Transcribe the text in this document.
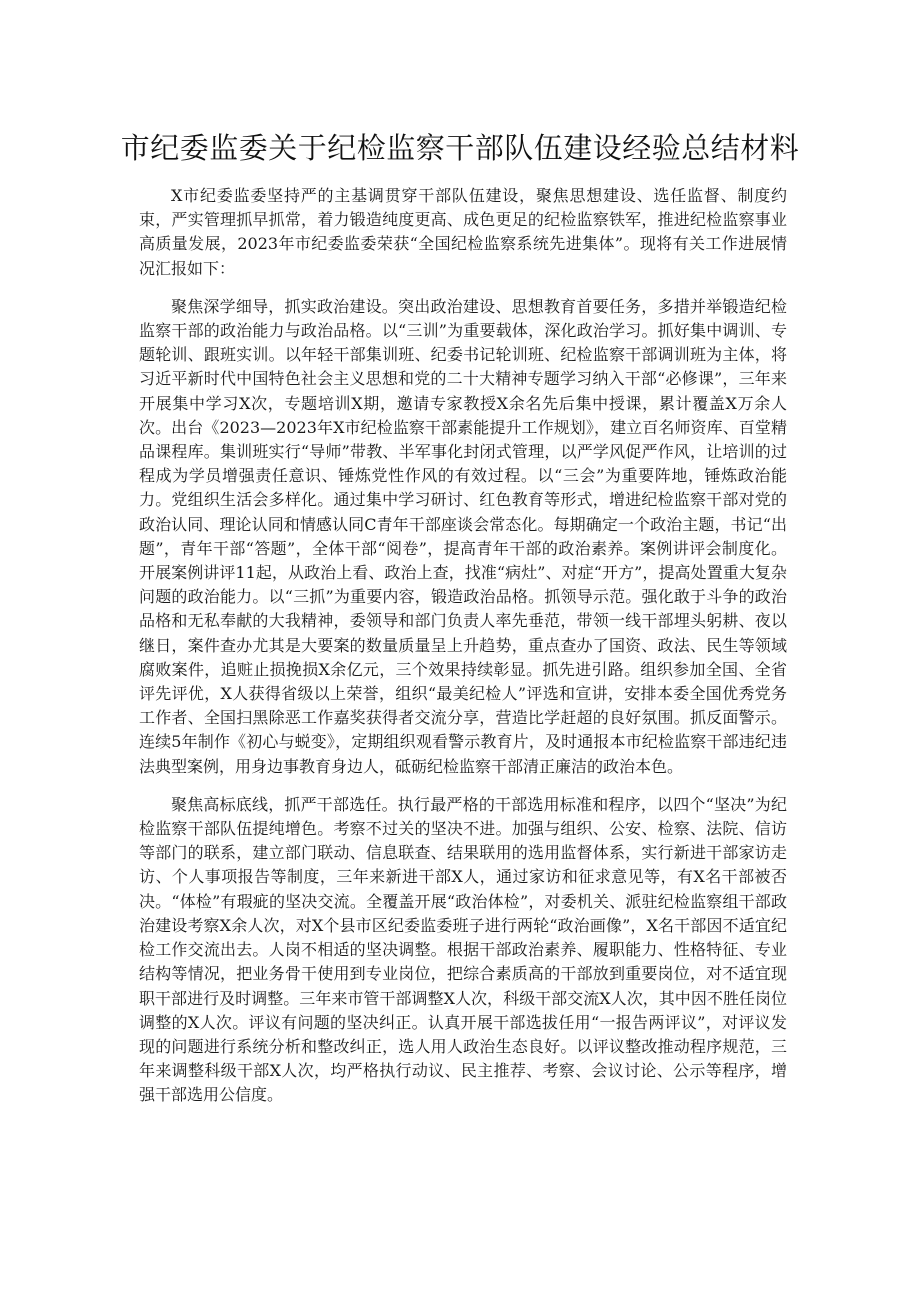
市纪委监委关于纪检监察干部队伍建设经验总结材料

X市纪委监委坚持严的主基调贯穿干部队伍建设，聚焦思想建设、选任监督、制度约束，严实管理抓早抓常，着力锻造纯度更高、成色更足的纪检监察铁军，推进纪检监察事业高质量发展，2023年市纪委监委荣获“全国纪检监察系统先进集体”。现将有关工作进展情况汇报如下：

聚焦深学细导，抓实政治建设。突出政治建设、思想教育首要任务，多措并举锻造纪检监察干部的政治能力与政治品格。以“三训”为重要载体，深化政治学习。抓好集中调训、专题轮训、跟班实训。以年轻干部集训班、纪委书记轮训班、纪检监察干部调训班为主体，将习近平新时代中国特色社会主义思想和党的二十大精神专题学习纳入干部“必修课”，三年来开展集中学习X次，专题培训X期，邀请专家教授X余名先后集中授课，累计覆盖X万余人次。出台《2023—2023年X市纪检监察干部素能提升工作规划》，建立百名师资库、百堂精品课程库。集训班实行“导师”带教、半军事化封闭式管理，以严学风促严作风，让培训的过程成为学员增强责任意识、锤炼党性作风的有效过程。以“三会”为重要阵地，锤炼政治能力。党组织生活会多样化。通过集中学习研讨、红色教育等形式，增进纪检监察干部对党的政治认同、理论认同和情感认同C青年干部座谈会常态化。每期确定一个政治主题，书记“出题”，青年干部“答题”，全体干部“阅卷”，提高青年干部的政治素养。案例讲评会制度化。开展案例讲评11起，从政治上看、政治上查，找准“病灶”、对症“开方”，提高处置重大复杂问题的政治能力。以“三抓”为重要内容，锻造政治品格。抓领导示范。强化敢于斗争的政治品格和无私奉献的大我精神，委领导和部门负责人率先垂范，带领一线干部埋头躬耕、夜以继日，案件查办尤其是大要案的数量质量呈上升趋势，重点查办了国资、政法、民生等领域腐败案件，追赃止损挽损X余亿元，三个效果持续彰显。抓先进引路。组织参加全国、全省评先评优，X人获得省级以上荣誉，组织“最美纪检人”评选和宣讲，安排本委全国优秀党务工作者、全国扫黑除恶工作嘉奖获得者交流分享，营造比学赶超的良好氛围。抓反面警示。连续5年制作《初心与蜕变》，定期组织观看警示教育片，及时通报本市纪检监察干部违纪违法典型案例，用身边事教育身边人，砥砺纪检监察干部清正廉洁的政治本色。

聚焦高标底线，抓严干部选任。执行最严格的干部选用标准和程序，以四个“坚决”为纪检监察干部队伍提纯增色。考察不过关的坚决不进。加强与组织、公安、检察、法院、信访等部门的联系，建立部门联动、信息联查、结果联用的选用监督体系，实行新进干部家访走访、个人事项报告等制度，三年来新进干部X人，通过家访和征求意见等，有X名干部被否决。“体检”有瑕疵的坚决交流。全覆盖开展“政治体检”，对委机关、派驻纪检监察组干部政治建设考察X余人次，对X个县市区纪委监委班子进行两轮“政治画像”，X名干部因不适宜纪检工作交流出去。人岗不相适的坚决调整。根据干部政治素养、履职能力、性格特征、专业结构等情况，把业务骨干使用到专业岗位，把综合素质高的干部放到重要岗位，对不适宜现职干部进行及时调整。三年来市管干部调整X人次，科级干部交流X人次，其中因不胜任岗位调整的X人次。评议有问题的坚决纠正。认真开展干部选拔任用“一报告两评议”，对评议发现的问题进行系统分析和整改纠正，选人用人政治生态良好。以评议整改推动程序规范，三年来调整科级干部X人次，均严格执行动议、民主推荐、考察、会议讨论、公示等程序，增强干部选用公信度。
